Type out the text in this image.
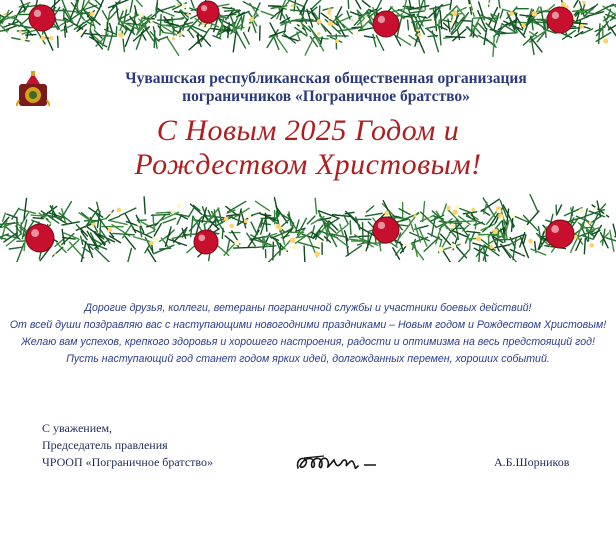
Чувашская республиканская общественная организация
пограничников «Пограничное братство»
С Новым 2025 Годом и
Рождеством Христовым!
Дорогие друзья, коллеги, ветераны пограничной службы и участники боевых действий!
От всей души поздравляю вас с наступающими новогодними праздниками – Новым годом и Рождеством Христовым!
Желаю вам успехов, крепкого здоровья и хорошего настроения, радости и оптимизма на весь предстоящий год!
Пусть наступающий год станет годом ярких идей, долгожданных перемен, хороших событий.
С уважением,
Председатель правления
ЧРООП «Пограничное братство»	А.Б.Шорников
